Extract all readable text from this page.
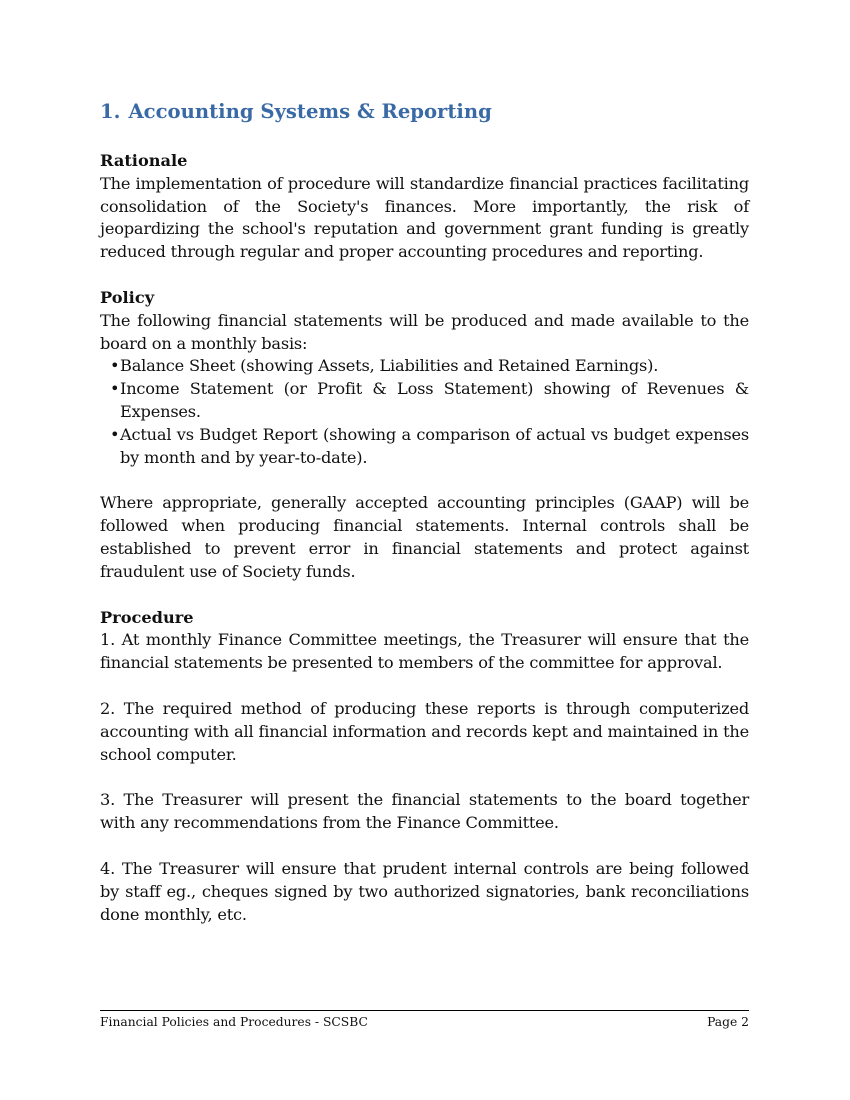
1. Accounting Systems & Reporting
Rationale

The implementation of procedure will standardize financial practices facilitating consolidation of the Society's finances. More importantly, the risk of jeopardizing the school's reputation and government grant funding is greatly reduced through regular and proper accounting procedures and reporting.

Policy

The following financial statements will be produced and made available to the board on a monthly basis:

•Balance Sheet (showing Assets, Liabilities and Retained Earnings).
•Income Statement (or Profit & Loss Statement) showing of Revenues & Expenses.
•Actual vs Budget Report (showing a comparison of actual vs budget expenses by month and by year-to-date).

Where appropriate, generally accepted accounting principles (GAAP) will be followed when producing financial statements. Internal controls shall be established to prevent error in financial statements and protect against fraudulent use of Society funds.

Procedure

1. At monthly Finance Committee meetings, the Treasurer will ensure that the financial statements be presented to members of the committee for approval.

2. The required method of producing these reports is through computerized accounting with all financial information and records kept and maintained in the school computer.

3. The Treasurer will present the financial statements to the board together with any recommendations from the Finance Committee.

4. The Treasurer will ensure that prudent internal controls are being followed by staff eg., cheques signed by two authorized signatories, bank reconciliations done monthly, etc.

Financial Policies and Procedures - SCSBC	Page 2
